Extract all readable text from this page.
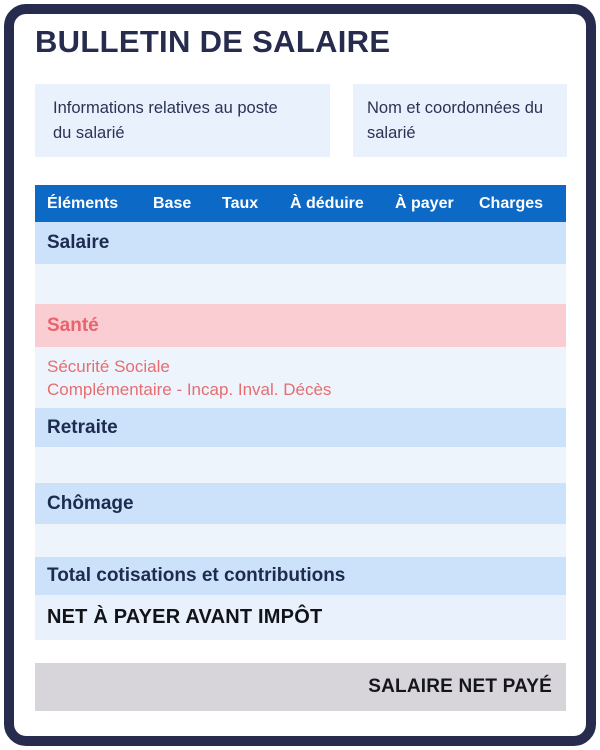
BULLETIN DE SALAIRE
Informations relatives au poste du salarié
Nom et coordonnées du salarié
Éléments Base Taux À déduire À payer Charges
Salaire
Santé
Sécurité Sociale
Complémentaire - Incap. Inval. Décès
Retraite
Chômage
Total cotisations et contributions
NET À PAYER AVANT IMPÔT
SALAIRE NET PAYÉ
